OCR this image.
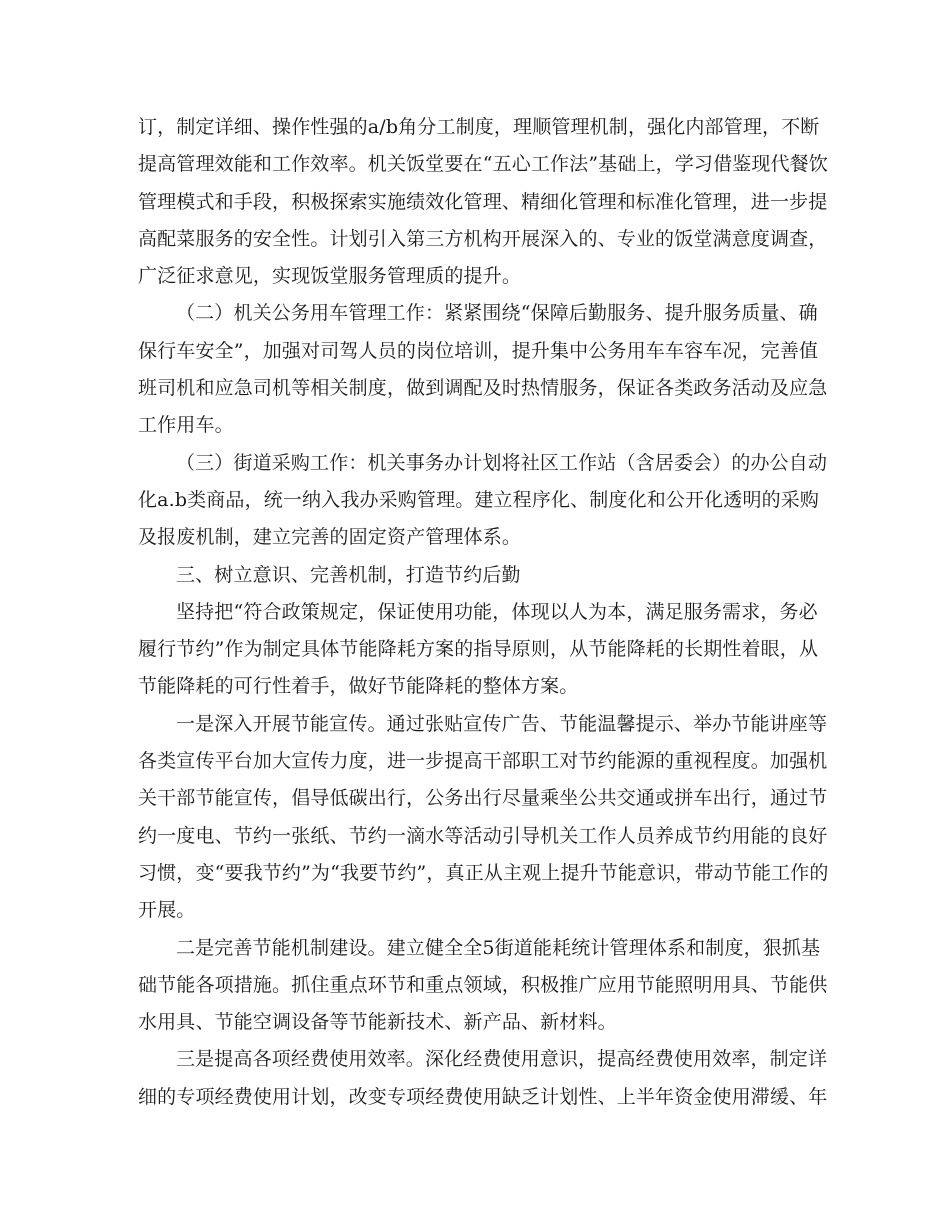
订，制定详细、操作性强的a/b角分工制度，理顺管理机制，强化内部管理，不断
提高管理效能和工作效率。机关饭堂要在“五心工作法”基础上，学习借鉴现代餐饮
管理模式和手段，积极探索实施绩效化管理、精细化管理和标准化管理，进一步提
高配菜服务的安全性。计划引入第三方机构开展深入的、专业的饭堂满意度调查，
广泛征求意见，实现饭堂服务管理质的提升。
（二）机关公务用车管理工作：紧紧围绕“保障后勤服务、提升服务质量、确
保行车安全”，加强对司驾人员的岗位培训，提升集中公务用车车容车况，完善值
班司机和应急司机等相关制度，做到调配及时热情服务，保证各类政务活动及应急
工作用车。
（三）街道采购工作：机关事务办计划将社区工作站（含居委会）的办公自动
化a.b类商品，统一纳入我办采购管理。建立程序化、制度化和公开化透明的采购
及报废机制，建立完善的固定资产管理体系。
三、树立意识、完善机制，打造节约后勤
坚持把“符合政策规定，保证使用功能，体现以人为本，满足服务需求，务必
履行节约”作为制定具体节能降耗方案的指导原则，从节能降耗的长期性着眼，从
节能降耗的可行性着手，做好节能降耗的整体方案。
一是深入开展节能宣传。通过张贴宣传广告、节能温馨提示、举办节能讲座等
各类宣传平台加大宣传力度，进一步提高干部职工对节约能源的重视程度。加强机
关干部节能宣传，倡导低碳出行，公务出行尽量乘坐公共交通或拼车出行，通过节
约一度电、节约一张纸、节约一滴水等活动引导机关工作人员养成节约用能的良好
习惯，变“要我节约”为“我要节约”，真正从主观上提升节能意识，带动节能工作的
开展。
二是完善节能机制建设。建立健全全5街道能耗统计管理体系和制度，狠抓基
础节能各项措施。抓住重点环节和重点领域，积极推广应用节能照明用具、节能供
水用具、节能空调设备等节能新技术、新产品、新材料。
三是提高各项经费使用效率。深化经费使用意识，提高经费使用效率，制定详
细的专项经费使用计划，改变专项经费使用缺乏计划性、上半年资金使用滞缓、年
